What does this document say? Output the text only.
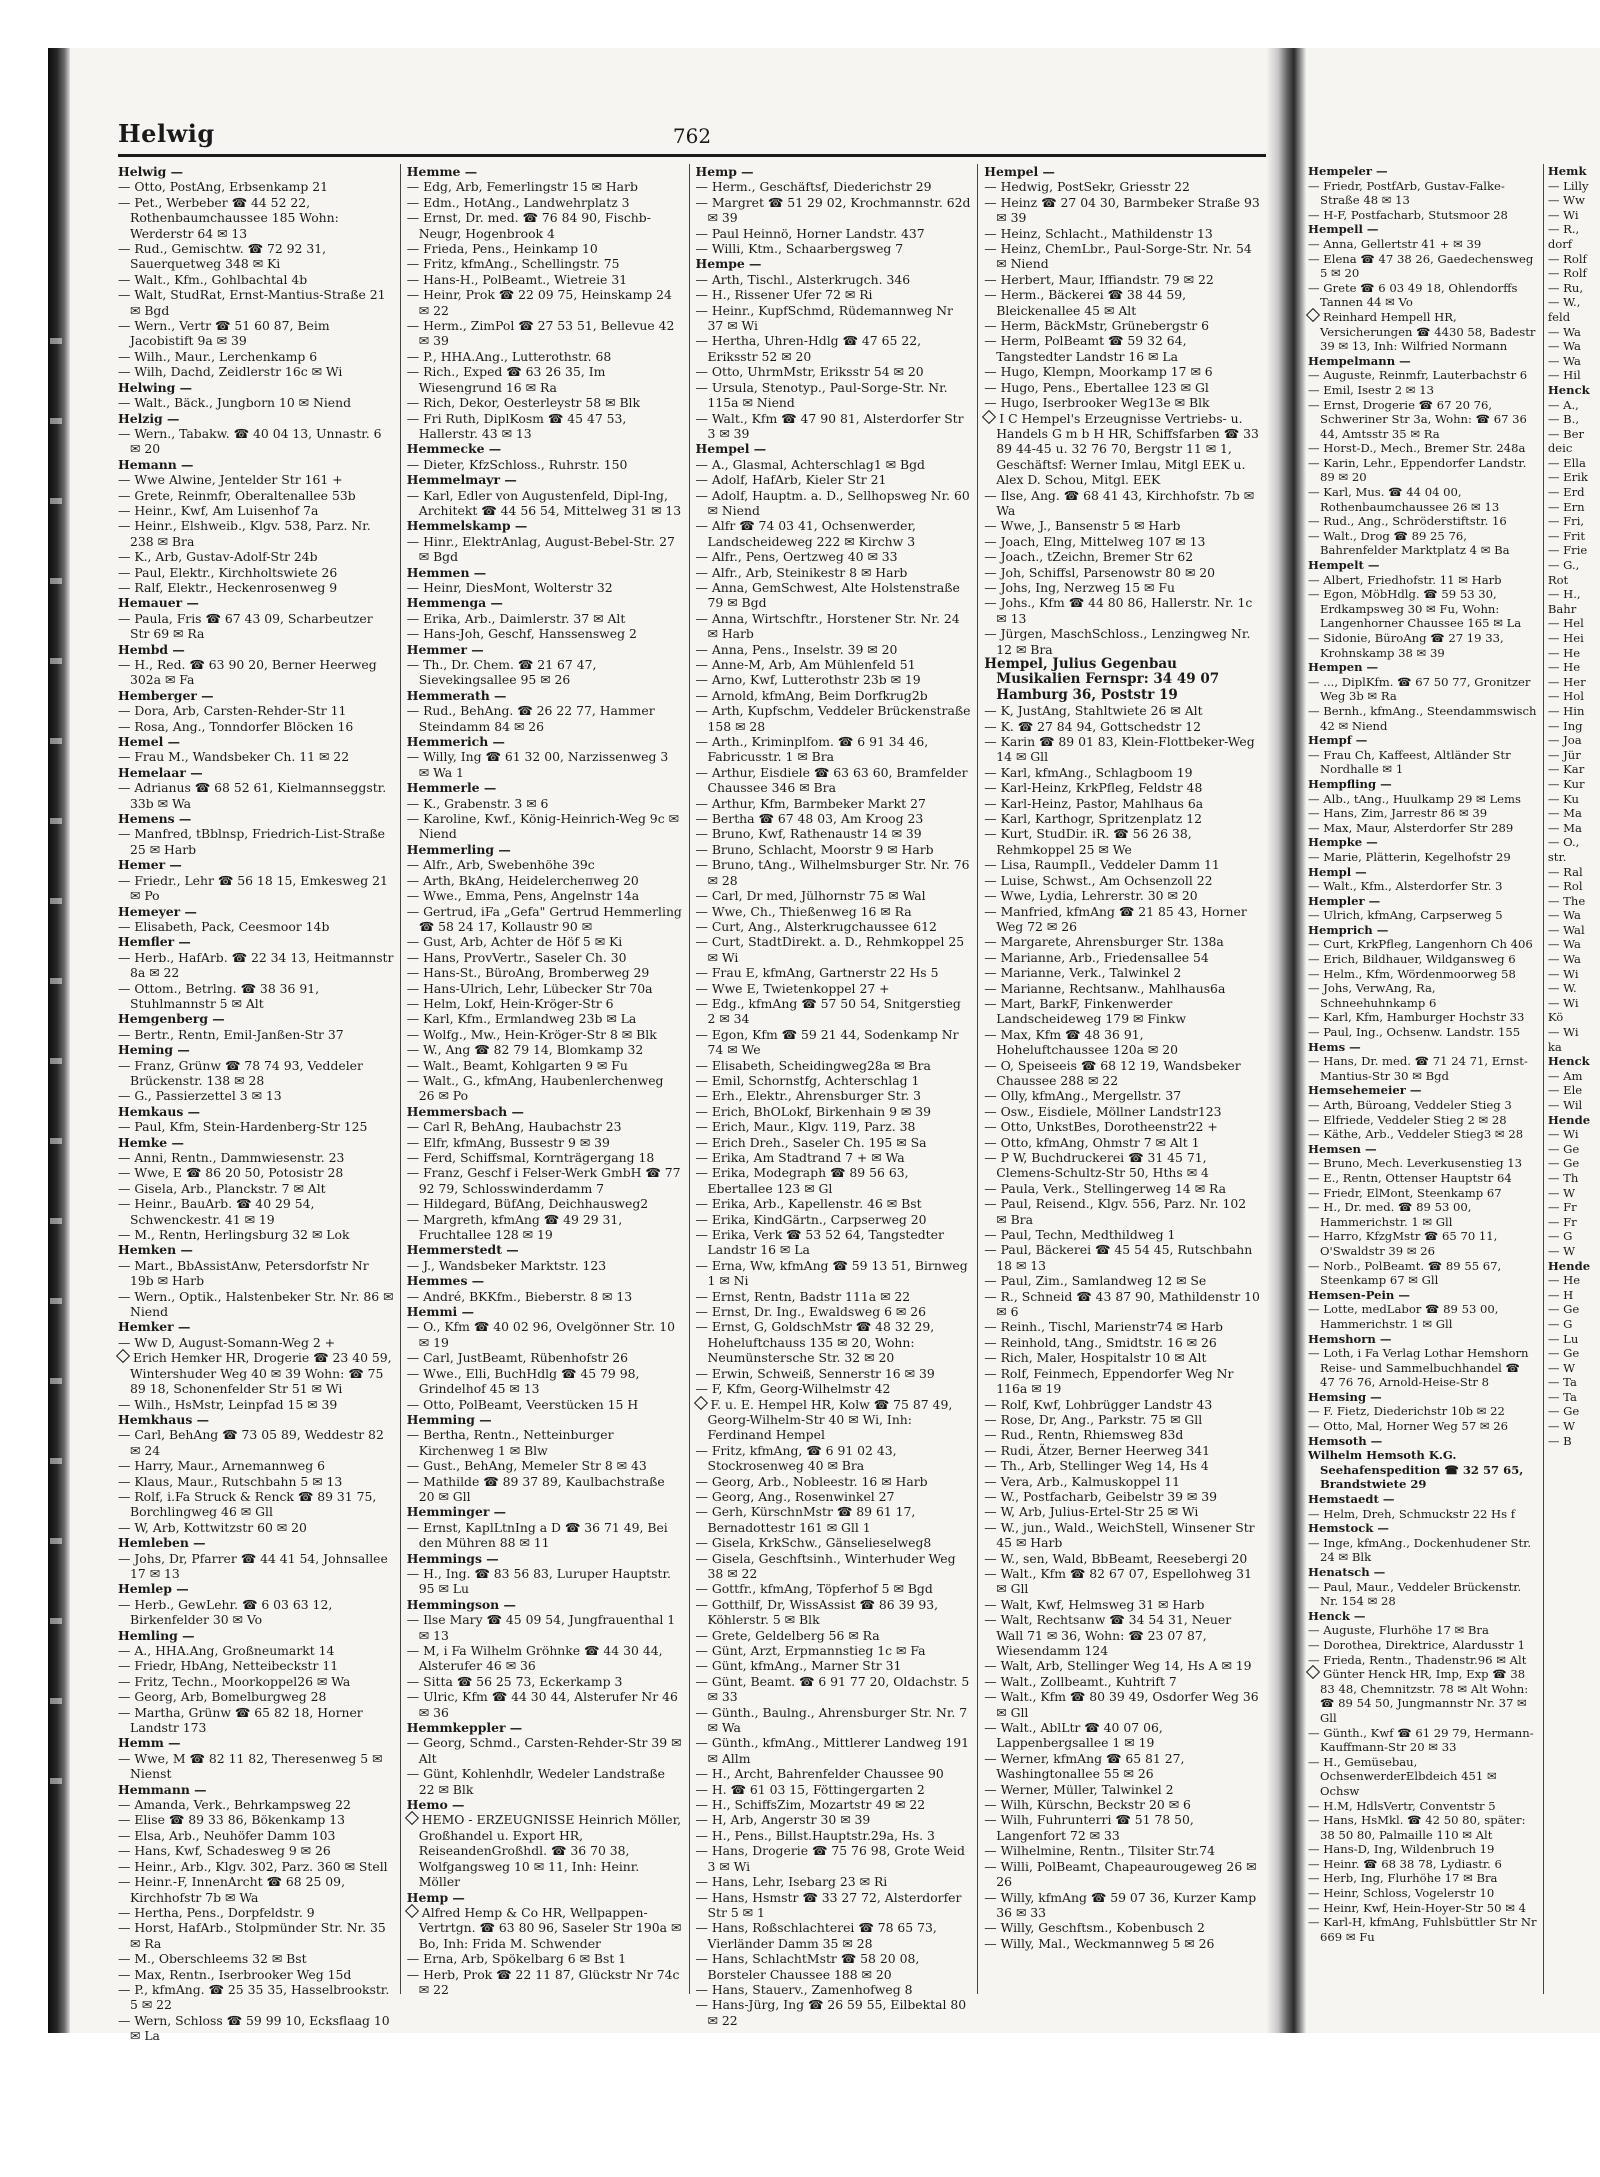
Helwig	762

Helwig —

— Otto, PostAng, Erbsenkamp 21

— Pet., Werbeber ☎ 44 52 22, Rothenbaumchaussee 185 Wohn: Werderstr 64 ✉ 13

— Rud., Gemischtw. ☎ 72 92 31, Sauerquetweg 348 ✉ Ki

— Walt., Kfm., Gohlbachtal 4b

— Walt, StudRat, Ernst-Mantius-Straße 21 ✉ Bgd

— Wern., Vertr ☎ 51 60 87, Beim Jacobistift 9a ✉ 39

— Wilh., Maur., Lerchenkamp 6

— Wilh, Dachd, Zeidlerstr 16c ✉ Wi

Helwing —

— Walt., Bäck., Jungborn 10 ✉ Niend

Helzig —

— Wern., Tabakw. ☎ 40 04 13, Unnastr. 6 ✉ 20

Hemann —

— Wwe Alwine, Jentelder Str 161 +

— Grete, Reinmfr, Oberaltenallee 53b

— Heinr., Kwf, Am Luisenhof 7a

— Heinr., Elshweib., Klgv. 538, Parz. Nr. 238 ✉ Bra

— K., Arb, Gustav-Adolf-Str 24b

— Paul, Elektr., Kirchholtswiete 26

— Ralf, Elektr., Heckenrosenweg 9

Hemauer —

— Paula, Fris ☎ 67 43 09, Scharbeutzer Str 69 ✉ Ra

Hembd —

— H., Red. ☎ 63 90 20, Berner Heerweg 302a ✉ Fa

Hemberger —

— Dora, Arb, Carsten-Rehder-Str 11

— Rosa, Ang., Tonndorfer Blöcken 16

Hemel —

— Frau M., Wandsbeker Ch. 11 ✉ 22

Hemelaar —

— Adrianus ☎ 68 52 61, Kielmannseggstr. 33b ✉ Wa

Hemens —

— Manfred, tBblnsp, Friedrich-List-Straße 25 ✉ Harb

Hemer —

— Friedr., Lehr ☎ 56 18 15, Emkesweg 21 ✉ Po

Hemeyer —

— Elisabeth, Pack, Ceesmoor 14b

Hemfler —

— Herb., HafArb. ☎ 22 34 13, Heitmannstr 8a ✉ 22

— Ottom., Betrlng. ☎ 38 36 91, Stuhlmannstr 5 ✉ Alt

Hemgenberg —

— Bertr., Rentn, Emil-Janßen-Str 37

Heming —

— Franz, Grünw ☎ 78 74 93, Veddeler Brückenstr. 138 ✉ 28

— G., Passierzettel 3 ✉ 13

Hemkaus —

— Paul, Kfm, Stein-Hardenberg-Str 125

Hemke —

— Anni, Rentn., Dammwiesenstr. 23

— Wwe, E ☎ 86 20 50, Potosistr 28

— Gisela, Arb., Planckstr. 7 ✉ Alt

— Heinr., BauArb. ☎ 40 29 54, Schwenckestr. 41 ✉ 19

— M., Rentn, Herlingsburg 32 ✉ Lok

Hemken —

— Mart., BbAssistAnw, Petersdorfstr Nr 19b ✉ Harb

— Wern., Optik., Halstenbeker Str. Nr. 86 ✉ Niend

Hemker —

— Ww D, August-Somann-Weg 2 +

Erich Hemker HR, Drogerie ☎ 23 40 59, Wintershuder Weg 40 ✉ 39 Wohn: ☎ 75 89 18, Schonenfelder Str 51 ✉ Wi

— Wilh., HsMstr, Leinpfad 15 ✉ 39

Hemkhaus —

— Carl, BehAng ☎ 73 05 89, Weddestr 82 ✉ 24

— Harry, Maur., Arnemannweg 6

— Klaus, Maur., Rutschbahn 5 ✉ 13

— Rolf, i.Fa Struck & Renck ☎ 89 31 75, Borchlingweg 46 ✉ Gll

— W, Arb, Kottwitzstr 60 ✉ 20

Hemleben —

— Johs, Dr, Pfarrer ☎ 44 41 54, Johnsallee 17 ✉ 13

Hemlep —

— Herb., GewLehr. ☎ 6 03 63 12, Birkenfelder 30 ✉ Vo

Hemling —

— A., HHA.Ang, Großneumarkt 14

— Friedr, HbAng, Netteibeckstr 11

— Fritz, Techn., Moorkoppel26 ✉ Wa

— Georg, Arb, Bomelburgweg 28

— Martha, Grünw ☎ 65 82 18, Horner Landstr 173

Hemm —

— Wwe, M ☎ 82 11 82, Theresenweg 5 ✉ Nienst

Hemmann —

— Amanda, Verk., Behrkampsweg 22

— Elise ☎ 89 33 86, Bökenkamp 13

— Elsa, Arb., Neuhöfer Damm 103

— Hans, Kwf, Schadesweg 9 ✉ 26

— Heinr., Arb., Klgv. 302, Parz. 360 ✉ Stell

— Heinr.-F, InnenArcht ☎ 68 25 09, Kirchhofstr 7b ✉ Wa

— Hertha, Pens., Dorpfeldstr. 9

— Horst, HafArb., Stolpmünder Str. Nr. 35 ✉ Ra

— M., Oberschleems 32 ✉ Bst

— Max, Rentn., Iserbrooker Weg 15d

— P., kfmAng. ☎ 25 35 35, Hasselbrookstr. 5 ✉ 22

— Wern, Schloss ☎ 59 99 10, Ecksflaag 10 ✉ La

Hemme —

— Edg, Arb, Femerlingstr 15 ✉ Harb

— Edm., HotAng., Landwehrplatz 3

— Ernst, Dr. med. ☎ 76 84 90, Fischb-Neugr, Hogenbrook 4

— Frieda, Pens., Heinkamp 10

— Fritz, kfmAng., Schellingstr. 75

— Hans-H., PolBeamt., Wietreie 31

— Heinr, Prok ☎ 22 09 75, Heinskamp 24 ✉ 22

— Herm., ZimPol ☎ 27 53 51, Bellevue 42 ✉ 39

— P., HHA.Ang., Lutterothstr. 68

— Rich., Exped ☎ 63 26 35, Im Wiesengrund 16 ✉ Ra

— Rich, Dekor, Oesterleystr 58 ✉ Blk

— Fri Ruth, DiplKosm ☎ 45 47 53, Hallerstr. 43 ✉ 13

Hemmecke —

— Dieter, KfzSchloss., Ruhrstr. 150

Hemmelmayr —

— Karl, Edler von Augustenfeld, Dipl-Ing, Architekt ☎ 44 56 54, Mittelweg 31 ✉ 13

Hemmelskamp —

— Hinr., ElektrAnlag, August-Bebel-Str. 27 ✉ Bgd

Hemmen —

— Heinr, DiesMont, Wolterstr 32

Hemmenga —

— Erika, Arb., Daimlerstr. 37 ✉ Alt

— Hans-Joh, Geschf, Hanssensweg 2

Hemmer —

— Th., Dr. Chem. ☎ 21 67 47, Sievekingsallee 95 ✉ 26

Hemmerath —

— Rud., BehAng. ☎ 26 22 77, Hammer Steindamm 84 ✉ 26

Hemmerich —

— Willy, Ing ☎ 61 32 00, Narzissenweg 3 ✉ Wa 1

Hemmerle —

— K., Grabenstr. 3 ✉ 6

— Karoline, Kwf., König-Heinrich-Weg 9c ✉ Niend

Hemmerling —

— Alfr., Arb, Swebenhöhe 39c

— Arth, BkAng, Heidelercheпweg 20

— Wwe., Emma, Pens, Angelnstr 14a

— Gertrud, iFa „Gefa" Gertrud Hemmerling ☎ 58 24 17, Kollaustr 90 ✉

— Gust, Arb, Achter de Höf 5 ✉ Ki

— Hans, ProvVertr., Saseler Ch. 30

— Hans-St., BüroAng, Bromberweg 29

— Hans-Ulrich, Lehr, Lübecker Str 70a

— Helm, Lokf, Hein-Kröger-Str 6

— Karl, Kfm., Ermlandweg 23b ✉ La

— Wolfg., Mw., Hein-Kröger-Str 8 ✉ Blk

— W., Ang ☎ 82 79 14, Blomkamp 32

— Walt., Beamt, Kohlgarten 9 ✉ Fu

— Walt., G., kfmAng, Haubenlerchenweg 26 ✉ Po

Hemmersbach —

— Carl R, BehAng, Haubachstr 23

— Elfr, kfmAng, Bussestr 9 ✉ 39

— Ferd, Schiffsmal, Kornträgergang 18

— Franz, Geschf i Felser-Werk GmbH ☎ 77 92 79, Schlosswinderdamm 7

— Hildegard, BüfAng, Deichhausweg2

— Margreth, kfmAng ☎ 49 29 31, Fruchtallee 128 ✉ 19

Hemmerstedt —

— J., Wandsbeker Marktstr. 123

Hemmes —

— André, BKKfm., Bieberstr. 8 ✉ 13

Hemmi —

— O., Kfm ☎ 40 02 96, Ovelgönner Str. 10 ✉ 19

— Carl, JustBeamt, Rübenhofstr 26

— Wwe., Elli, BuchHdlg ☎ 45 79 98, Grindelhof 45 ✉ 13

— Otto, PolBeamt, Veerstücken 15 H

Hemming —

— Bertha, Rentn., Netteinburger Kirchenweg 1 ✉ Blw

— Gust., BehAng, Memeler Str 8 ✉ 43

— Mathilde ☎ 89 37 89, Kaulbachstraße 20 ✉ Gll

Hemminger —

— Ernst, KaplLtnIng a D ☎ 36 71 49, Bei den Mühren 88 ✉ 11

Hemmings —

— H., Ing. ☎ 83 56 83, Luruper Hauptstr. 95 ✉ Lu

Hemmingson —

— Ilse Mary ☎ 45 09 54, Jungfrauenthal 1 ✉ 13

— M, i Fa Wilhelm Gröhnke ☎ 44 30 44, Alsterufer 46 ✉ 36

— Sitta ☎ 56 25 73, Eckerkamp 3

— Ulric, Kfm ☎ 44 30 44, Alsterufer Nr 46 ✉ 36

Hemmkeppler —

— Georg, Schmd., Carsten-Rehder-Str 39 ✉ Alt

— Günt, Kohlenhdlr, Wedeler Landstraße 22 ✉ Blk

Hemo —

HEMO - ERZEUGNISSE Heinrich Möller, Großhandel u. Export HR, ReiseandenGroßhdl. ☎ 36 70 38, Wolfgangsweg 10 ✉ 11, Inh: Heinr. Möller

Hemp —

Alfred Hemp & Co HR, Wellpappen-Vertrtgn. ☎ 63 80 96, Saseler Str 190a ✉ Bo, Inh: Frida M. Schwender

— Erna, Arb, Spökelbarg 6 ✉ Bst 1

— Herb, Prok ☎ 22 11 87, Glückstr Nr 74c ✉ 22

Hemp —

— Herm., Geschäftsf, Diederichstr 29

— Margret ☎ 51 29 02, Krochmannstr. 62d ✉ 39

— Paul Heinnö, Horner Landstr. 437

— Willi, Ktm., Schaarbergsweg 7

Hempe —

— Arth, Tischl., Alsterkrugch. 346

— H., Rissener Ufer 72 ✉ Ri

— Heinr., KupfSchmd, Rüdemannweg Nr 37 ✉ Wi

— Hertha, Uhren-Hdlg ☎ 47 65 22, Eriksstr 52 ✉ 20

— Otto, UhrmMstr, Eriksstr 54 ✉ 20

— Ursula, Stenotyp., Paul-Sorge-Str. Nr. 115a ✉ Niend

— Walt., Kfm ☎ 47 90 81, Alsterdorfer Str 3 ✉ 39

Hempel —

— A., Glasmal, Achterschlag1 ✉ Bgd

— Adolf, HafArb, Kieler Str 21

— Adolf, Hauptm. a. D., Sellhopsweg Nr. 60 ✉ Niend

— Alfr ☎ 74 03 41, Ochsenwerder, Landscheideweg 222 ✉ Kirchw 3

— Alfr., Pens, Oertzweg 40 ✉ 33

— Alfr., Arb, Steinikestr 8 ✉ Harb

— Anna, GemSchwest, Alte Holstenstraße 79 ✉ Bgd

— Anna, Wirtschftr., Horstener Str. Nr. 24 ✉ Harb

— Anna, Pens., Inselstr. 39 ✉ 20

— Anne-M, Arb, Am Mühlenfeld 51

— Arno, Kwf, Lutterothstr 23b ✉ 19

— Arnold, kfmAng, Beim Dorfkrug2b

— Arth, Kupfschm, Veddeler Brückenstraße 158 ✉ 28

— Arth., Kriminplfom. ☎ 6 91 34 46, Fabricusstr. 1 ✉ Bra

— Arthur, Eisdiele ☎ 63 63 60, Bramfelder Chaussee 346 ✉ Bra

— Arthur, Kfm, Barmbeker Markt 27

— Bertha ☎ 67 48 03, Am Kroog 23

— Bruno, Kwf, Rathenaustr 14 ✉ 39

— Bruno, Schlacht, Moorstr 9 ✉ Harb

— Bruno, tAng., Wilhelmsburger Str. Nr. 76 ✉ 28

— Carl, Dr med, Jülhornstr 75 ✉ Wal

— Wwe, Ch., Thießenweg 16 ✉ Ra

— Curt, Ang., Alsterkrugchaussee 612

— Curt, StadtDirekt. a. D., Rehmkoppel 25 ✉ Wi

— Frau E, kfmAng, Gartnerstr 22 Hs 5

— Wwe E, Twietenkoppel 27 +

— Edg., kfmAng ☎ 57 50 54, Snitgerstieg 2 ✉ 34

— Egon, Kfm ☎ 59 21 44, Sodenkamp Nr 74 ✉ We

— Elisabeth, Scheidingweg28a ✉ Bra

— Emil, Schornstfg, Achterschlag 1

— Erh., Elektr., Ahrensburger Str. 3

— Erich, BhOLokf, Birkenhain 9 ✉ 39

— Erich, Maur., Klgv. 119, Parz. 38

— Erich Dreh., Saseler Ch. 195 ✉ Sa

— Erika, Am Stadtrand 7 + ✉ Wa

— Erika, Modegraph ☎ 89 56 63, Ebertallee 123 ✉ Gl

— Erika, Arb., Kapellenstr. 46 ✉ Bst

— Erika, KindGärtn., Carpserweg 20

— Erika, Verk ☎ 53 52 64, Tangstedter Landstr 16 ✉ La

— Erna, Ww, kfmAng ☎ 59 13 51, Birnweg 1 ✉ Ni

— Ernst, Rentn, Badstr 111a ✉ 22

— Ernst, Dr. Ing., Ewaldsweg 6 ✉ 26

— Ernst, G, GoldschMstr ☎ 48 32 29, Hoheluftchauss 135 ✉ 20, Wohn: Neumünstersche Str. 32 ✉ 20

— Erwin, Schweiß, Sennerstr 16 ✉ 39

— F, Kfm, Georg-Wilhelmstr 42

F. u. E. Hempel HR, Kolw ☎ 75 87 49, Georg-Wilhelm-Str 40 ✉ Wi, Inh: Ferdinand Hempel

— Fritz, kfmAng, ☎ 6 91 02 43, Stockrosenweg 40 ✉ Bra

— Georg, Arb., Nobleestr. 16 ✉ Harb

— Georg, Ang., Rosenwinkel 27

— Gerh, KürschnMstr ☎ 89 61 17, Bernadottestr 161 ✉ Gll 1

— Gisela, KrkSchw., Gänselieselweg8

— Gisela, Geschftsinh., Winterhuder Weg 38 ✉ 22

— Gottfr., kfmAng, Töpferhof 5 ✉ Bgd

— Gotthilf, Dr, WissAssist ☎ 86 39 93, Köhlerstr. 5 ✉ Blk

— Grete, Geldelberg 56 ✉ Ra

— Günt, Arzt, Erpmannstieg 1c ✉ Fa

— Günt, kfmAng., Marner Str 31

— Günt, Beamt. ☎ 6 91 77 20, Oldachstr. 5 ✉ 33

— Günth., Baulng., Ahrensburger Str. Nr. 7 ✉ Wa

— Günth., kfmAng., Mittlerer Landweg 191 ✉ Allm

— H., Archt, Bahrenfelder Chaussee 90

— H. ☎ 61 03 15, Föttingergarten 2

— H., SchiffsZim, Mozartstr 49 ✉ 22

— H, Arb, Angerstr 30 ✉ 39

— H., Pens., Billst.Hauptstr.29a, Hs. 3

— Hans, Drogerie ☎ 75 76 98, Grote Weid 3 ✉ Wi

— Hans, Lehr, Isebarg 23 ✉ Ri

— Hans, Hsmstr ☎ 33 27 72, Alsterdorfer Str 5 ✉ 1

— Hans, Roßschlachterei ☎ 78 65 73, Vierländer Damm 35 ✉ 28

— Hans, SchlachtMstr ☎ 58 20 08, Borsteler Chaussee 188 ✉ 20

— Hans, Stauerv., Zamenhofweg 8

— Hans-Jürg, Ing ☎ 26 59 55, Eilbektal 80 ✉ 22

Hempel —

— Hedwig, PostSekr, Griesstr 22

— Heinz ☎ 27 04 30, Barmbeker Straße 93 ✉ 39

— Heinz, Schlacht., Mathildenstr 13

— Heinz, ChemLbr., Paul-Sorge-Str. Nr. 54 ✉ Niend

— Herbert, Maur, Iffiandstr. 79 ✉ 22

— Herm., Bäckerei ☎ 38 44 59, Bleickenallee 45 ✉ Alt

— Herm, BäckMstr, Grünebergstr 6

— Herm, PolBeamt ☎ 59 32 64, Tangstedter Landstr 16 ✉ La

— Hugo, Klempn, Moorkamp 17 ✉ 6

— Hugo, Pens., Ebertallee 123 ✉ Gl

— Hugo, Iserbrooker Weg13e ✉ Blk

I C Hempel's Erzeugnisse Vertriebs- u. Handels G m b H HR, Schiffsfarben ☎ 33 89 44-45 u. 32 76 70, Bergstr 11 ✉ 1, Geschäftsf: Werner Imlau, Mitgl EEK u. Alex D. Schou, Mitgl. EEK

— Ilse, Ang. ☎ 68 41 43, Kirchhofstr. 7b ✉ Wa

— Wwe, J., Bansenstr 5 ✉ Harb

— Joach, Elng, Mittelweg 107 ✉ 13

— Joach., tZeichn, Bremer Str 62

— Joh, Schiffsl, Parsenowstr 80 ✉ 20

— Johs, Ing, Nerzweg 15 ✉ Fu

— Johs., Kfm ☎ 44 80 86, Hallerstr. Nr. 1c ✉ 13

— Jürgen, MaschSchloss., Lenzingweg Nr. 12 ✉ Bra

Hempel, Julius Gegenbau Musikalien Fernspr: 34 49 07 Hamburg 36, Poststr 19

— K, JustAng, Stahltwiete 26 ✉ Alt

— K. ☎ 27 84 94, Gottschedstr 12

— Karin ☎ 89 01 83, Klein-Flottbeker-Weg 14 ✉ Gll

— Karl, kfmAng., Schlagboom 19

— Karl-Heinz, KrkPfleg, Feldstr 48

— Karl-Heinz, Pastor, Mahlhaus 6a

— Karl, Karthogr, Spritzenplatz 12

— Kurt, StudDir. iR. ☎ 56 26 38, Rehmkoppel 25 ✉ We

— Lisa, RaumpIl., Veddeler Damm 11

— Luise, Schwst., Am Ochsenzoll 22

— Wwe, Lydia, Lehrerstr. 30 ✉ 20

— Manfried, kfmAng ☎ 21 85 43, Horner Weg 72 ✉ 26

— Margarete, Ahrensburger Str. 138a

— Marianne, Arb., Friedensallee 54

— Marianne, Verk., Talwinkel 2

— Marianne, Rechtsanw., Mahlhaus6a

— Mart, BarkF, Finkenwerder Landscheideweg 179 ✉ Finkw

— Max, Kfm ☎ 48 36 91, Hoheluftchaussee 120a ✉ 20

— O, Speiseeis ☎ 68 12 19, Wandsbeker Chaussee 288 ✉ 22

— Olly, kfmAng., Mergellstr. 37

— Osw., Eisdiele, Möllner Landstr123

— Otto, UnkstBes, Dorotheenstr22 +

— Otto, kfmAng, Ohmstr 7 ✉ Alt 1

— P W, Buchdruckerei ☎ 31 45 71, Clemens-Schultz-Str 50, Hths ✉ 4

— Paula, Verk., Stellingerweg 14 ✉ Ra

— Paul, Reisend., Klgv. 556, Parz. Nr. 102 ✉ Bra

— Paul, Techn, Medthildweg 1

— Paul, Bäckerei ☎ 45 54 45, Rutschbahn 18 ✉ 13

— Paul, Zim., Samlandweg 12 ✉ Se

— R., Schneid ☎ 43 87 90, Mathildenstr 10 ✉ 6

— Reinh., Tischl, Marienstr74 ✉ Harb

— Reinhold, tAng., Smidtstr. 16 ✉ 26

— Rich, Maler, Hospitalstr 10 ✉ Alt

— Rolf, Feinmech, Eppendorfer Weg Nr 116a ✉ 19

— Rolf, Kwf, Lohbrügger Landstr 43

— Rose, Dr, Ang., Parkstr. 75 ✉ Gll

— Rud., Rentn, Rhiemsweg 83d

— Rudi, Ätzer, Berner Heerweg 341

— Th., Arb, Stellinger Weg 14, Hs 4

— Vera, Arb., Kalmuskoppel 11

— W., Postfacharb, Geibelstr 39 ✉ 39

— W, Arb, Julius-Ertel-Str 25 ✉ Wi

— W., jun., Wald., WeichStell, Winsener Str 45 ✉ Harb

— W., sen, Wald, BbBeamt, Reesebergi 20

— Walt., Kfm ☎ 82 67 07, Espellohweg 31 ✉ Gll

— Walt, Kwf, Helmsweg 31 ✉ Harb

— Walt, Rechtsanw ☎ 34 54 31, Neuer Wall 71 ✉ 36, Wohn: ☎ 23 07 87, Wiesendamm 124

— Walt, Arb, Stellinger Weg 14, Hs A ✉ 19

— Walt., Zollbeamt., Kuhtrift 7

— Walt., Kfm ☎ 80 39 49, Osdorfer Weg 36 ✉ Gll

— Walt., AblLtr ☎ 40 07 06, Lappenbergsallee 1 ✉ 19

— Werner, kfmAng ☎ 65 81 27, Washingtonallee 55 ✉ 26

— Werner, Müller, Talwinkel 2

— Wilh, Kürschn, Beckstr 20 ✉ 6

— Wilh, Fuhrunterri ☎ 51 78 50, Langenfort 72 ✉ 33

— Wilhelmine, Rentn., Tilsiter Str.74

— Willi, PolBeamt, Chapeaurougeweg 26 ✉ 26

— Willy, kfmAng ☎ 59 07 36, Kurzer Kamp 36 ✉ 33

— Willy, Geschftsm., Kobenbusch 2

— Willy, Mal., Weckmannweg 5 ✉ 26

Hempeler —

— Friedr, PostfArb, Gustav-Falke-Straße 48 ✉ 13

— H-F, Postfacharb, Stutsmoor 28

Hempell —

— Anna, Gellertstr 41 + ✉ 39

— Elena ☎ 47 38 26, Gaedechensweg 5 ✉ 20

— Grete ☎ 6 03 49 18, Ohlendorffs Tannen 44 ✉ Vo

Reinhard Hempell HR, Versicherungen ☎ 4430 58, Badestr 39 ✉ 13, Inh: Wilfried Normann

Hempelmann —

— Auguste, Reinmfr, Lauterbachstr 6

— Emil, Isestr 2 ✉ 13

— Ernst, Drogerie ☎ 67 20 76, Schweriner Str 3a, Wohn: ☎ 67 36 44, Amtsstr 35 ✉ Ra

— Horst-D., Mech., Bremer Str. 248a

— Karin, Lehr., Eppendorfer Landstr. 89 ✉ 20

— Karl, Mus. ☎ 44 04 00, Rothenbaumchaussee 26 ✉ 13

— Rud., Ang., Schröderstiftstr. 16

— Walt., Drog ☎ 89 25 76, Bahrenfelder Marktplatz 4 ✉ Ba

Hempelt —

— Albert, Friedhofstr. 11 ✉ Harb

— Egon, MöbHdlg. ☎ 59 53 30, Erdkampsweg 30 ✉ Fu, Wohn: Langenhorner Chaussee 165 ✉ La

— Sidonie, BüroAng ☎ 27 19 33, Krohnskamp 38 ✉ 39

Hempen —

— ..., DiplKfm. ☎ 67 50 77, Gronitzer Weg 3b ✉ Ra

— Bernh., kfmAng., Steendammswisch 42 ✉ Niend

Hempf —

— Frau Ch, Kaffeest, Altländer Str Nordhalle ✉ 1

Hempfling —

— Alb., tAng., Huulkamp 29 ✉ Lems

— Hans, Zim, Jarrestr 86 ✉ 39

— Max, Maur, Alsterdorfer Str 289

Hempke —

— Marie, Plätterin, Kegelhofstr 29

Hempl —

— Walt., Kfm., Alsterdorfer Str. 3

Hempler —

— Ulrich, kfmAng, Carpserweg 5

Hemprich —

— Curt, KrkPfleg, Langenhorn Ch 406

— Erich, Bildhauer, Wildgansweg 6

— Helm., Kfm, Wördenmoorweg 58

— Johs, VerwAng, Ra, Schneehuhnkamp 6

— Karl, Kfm, Hamburger Hochstr 33

— Paul, Ing., Ochsenw. Landstr. 155

Hems —

— Hans, Dr. med. ☎ 71 24 71, Ernst-Mantius-Str 30 ✉ Bgd

Hemsehemeier —

— Arth, Büroang, Veddeler Stieg 3

— Elfriede, Veddeler Stieg 2 ✉ 28

— Käthe, Arb., Veddeler Stieg3 ✉ 28

Hemsen —

— Bruno, Mech. Leverkusenstieg 13

— E., Rentn, Ottenser Hauptstr 64

— Friedr, ElMont, Steenkamp 67

— H., Dr. med. ☎ 89 53 00, Hammerichstr. 1 ✉ Gll

— Harro, KfzgMstr ☎ 65 70 11, O'Swaldstr 39 ✉ 26

— Norb., PolBeamt. ☎ 89 55 67, Steenkamp 67 ✉ Gll

Hemsen-Pein —

— Lotte, medLabor ☎ 89 53 00, Hammerichstr. 1 ✉ Gll

Hemshorn —

— Loth, i Fa Verlag Lothar Hemshorn Reise- und Sammelbuchhandel ☎ 47 76 76, Arnold-Heise-Str 8

Hemsing —

— F. Fietz, Diederichstr 10b ✉ 22

— Otto, Mal, Horner Weg 57 ✉ 26

Hemsoth —

Wilhelm Hemsoth K.G. Seehafenspedition ☎ 32 57 65, Brandstwiete 29

Hemstaedt —

— Helm, Dreh, Schmuckstr 22 Hs f

Hemstock —

— Inge, kfmAng., Dockenhudener Str. 24 ✉ Blk

Henatsch —

— Paul, Maur., Veddeler Brückenstr. Nr. 154 ✉ 28

Henck —

— Auguste, Flurhöhe 17 ✉ Bra

— Dorothea, Direktrice, Alardusstr 1

— Frieda, Rentn., Thadenstr.96 ✉ Alt

Günter Henck HR, Imp, Exp ☎ 38 83 48, Chemnitzstr. 78 ✉ Alt Wohn: ☎ 89 54 50, Jungmannstr Nr. 37 ✉ Gll

— Günth., Kwf ☎ 61 29 79, Hermann-Kauffmann-Str 20 ✉ 33

— H., Gemüsebau, OchsenwerderElbdeich 451 ✉ Ochsw

— H.M, HdlsVertr, Conventstr 5

— Hans, HsMkl. ☎ 42 50 80, später: 38 50 80, Palmaille 110 ✉ Alt

— Hans-D, Ing, Wildenbruch 19

— Heinr. ☎ 68 38 78, Lydiastr. 6

— Herb, Ing, Flurhöhe 17 ✉ Bra

— Heinr, Schloss, Vogelerstr 10

— Heinr, Kwf, Hein-Hoyer-Str 50 ✉ 4

— Karl-H, kfmAng, Fuhlsbüttler Str Nr 669 ✉ Fu

Hemk

— Lilly

— Ww

— Wi

— R.,

dorf

— Rolf

— Rolf

— Ru,

— W.,

feld

— Wa

— Wa

— Wa

— Hil

Henck

— A.,

— B.,

— Ber

deic

— Ella

— Erik

— Erd

— Ern

— Fri,

— Frit

— Frie

— G.,

Rot

— H.,

Bahr

— Hel

— Hei

— He

— He

— Her

— Hol

— Hin

— Ing

— Joa

— Jür

— Kar

— Kur

— Ku

— Ma

— Ma

— O.,

str.

— Ral

— Rol

— The

— Wa

— Wal

— Wa

— Wa

— Wi

— W.

— Wi

Kö

— Wi

ka

Henck

— Am

— Ele

— Wil

Hende

— Wi

— Ge

— Ge

— Th

— W

— Fr

— Fr

— G

— W

Hende

— He

— H

— Ge

— G

— Lu

— Ge

— W

— Ta

— Ta

— Ge

— W

— B
